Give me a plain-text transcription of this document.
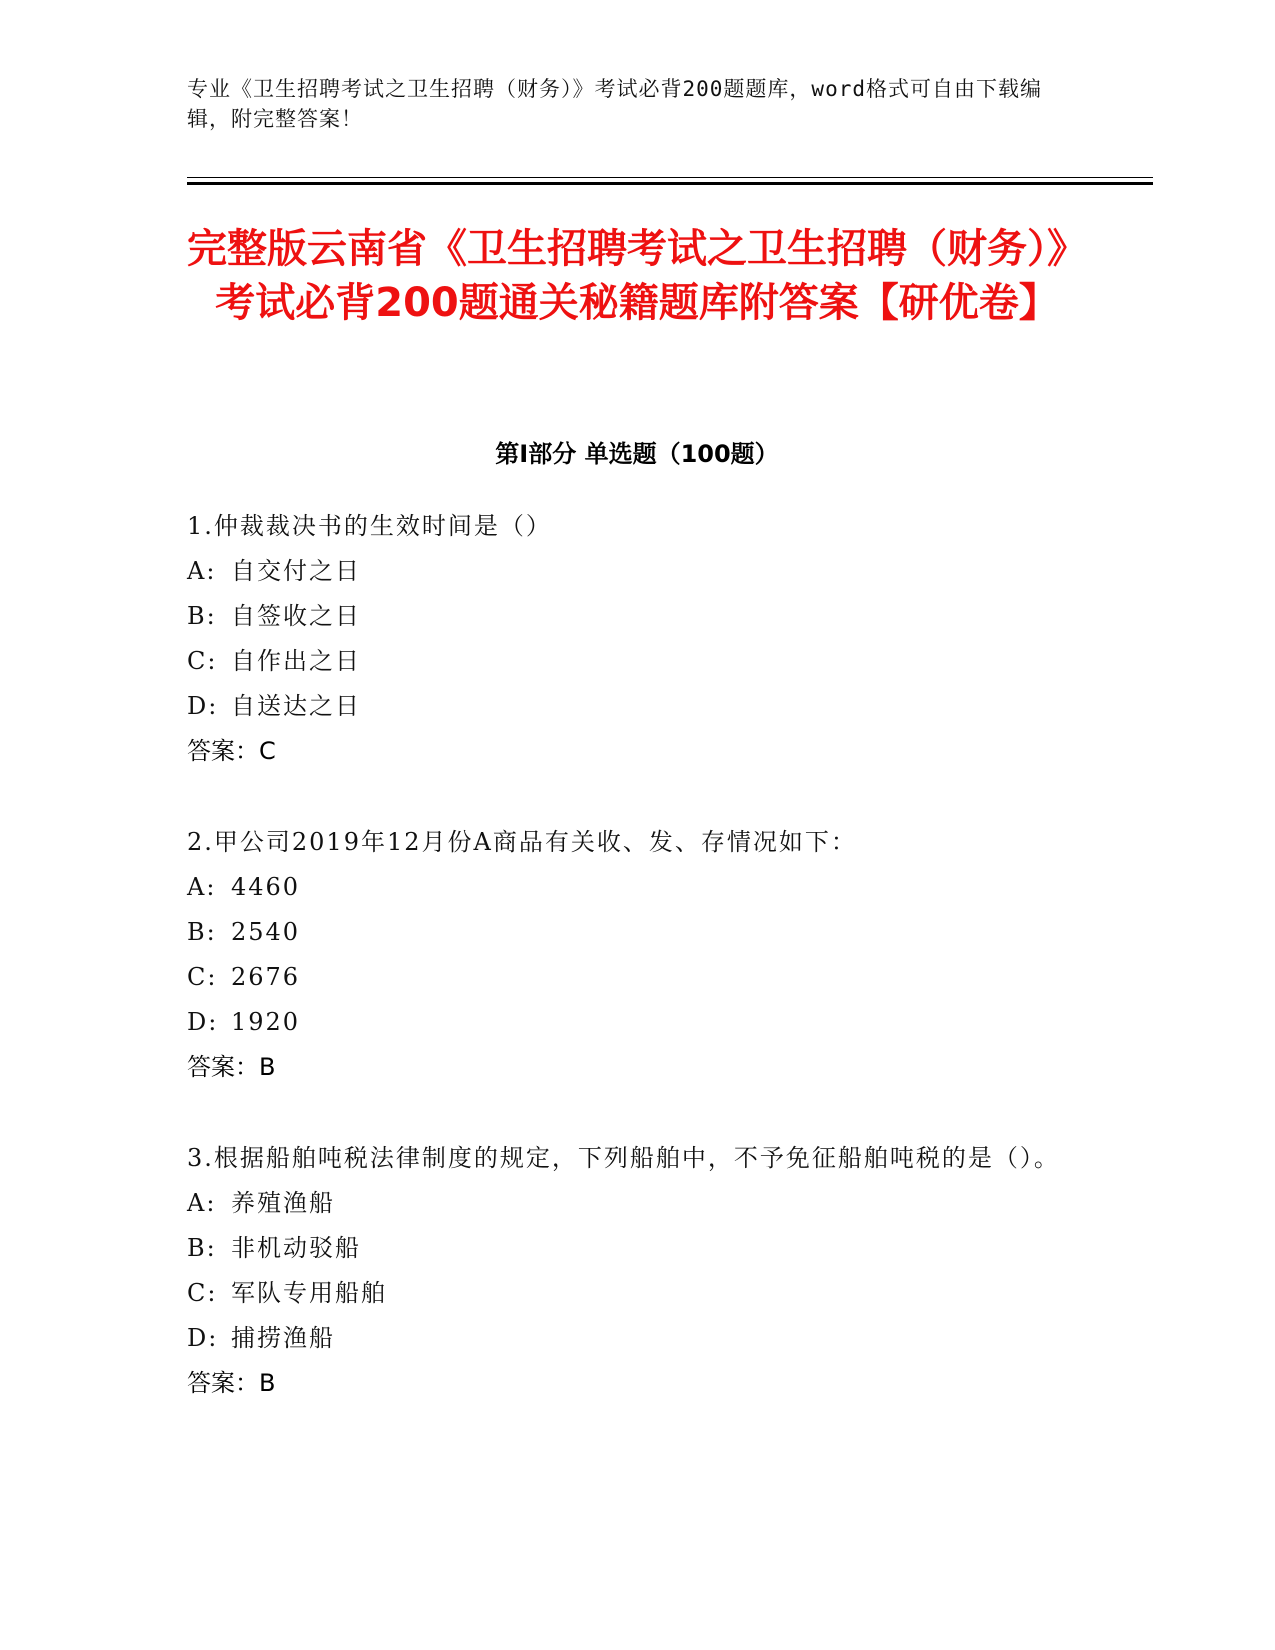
专业《卫生招聘考试之卫生招聘（财务）》考试必背200题题库，word格式可自由下载编辑，附完整答案！
完整版云南省《卫生招聘考试之卫生招聘（财务）》考试必背200题通关秘籍题库附答案【研优卷】
第I部分 单选题（100题）
1.仲裁裁决书的生效时间是（）
A: 自交付之日
B: 自签收之日
C: 自作出之日
D: 自送达之日
答案：C
2.甲公司2019年12月份A商品有关收、发、存情况如下：
A: 4460
B: 2540
C: 2676
D: 1920
答案：B
3.根据船舶吨税法律制度的规定，下列船舶中，不予免征船舶吨税的是（）。
A: 养殖渔船
B: 非机动驳船
C: 军队专用船舶
D: 捕捞渔船
答案：B
